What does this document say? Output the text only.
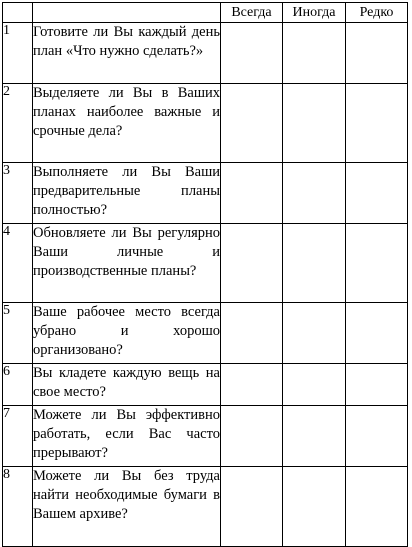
		Всегда	Иногда	Редко
1	Готовите ли Вы каждый день план «Что нужно сделать?»			
2	Выделяете ли Вы в Ваших планах наиболее важные и срочные дела?			
3	Выполняете ли Вы Ваши предварительные планы полностью?			
4	Обновляете ли Вы регулярно Ваши личные и производственные планы?			
5	Ваше рабочее место всегда убрано и хорошо организовано?			
6	Вы кладете каждую вещь на свое место?			
7	Можете ли Вы эффективно работать, если Вас часто прерывают?			
8	Можете ли Вы без труда найти необходимые бумаги в Вашем архиве?			
